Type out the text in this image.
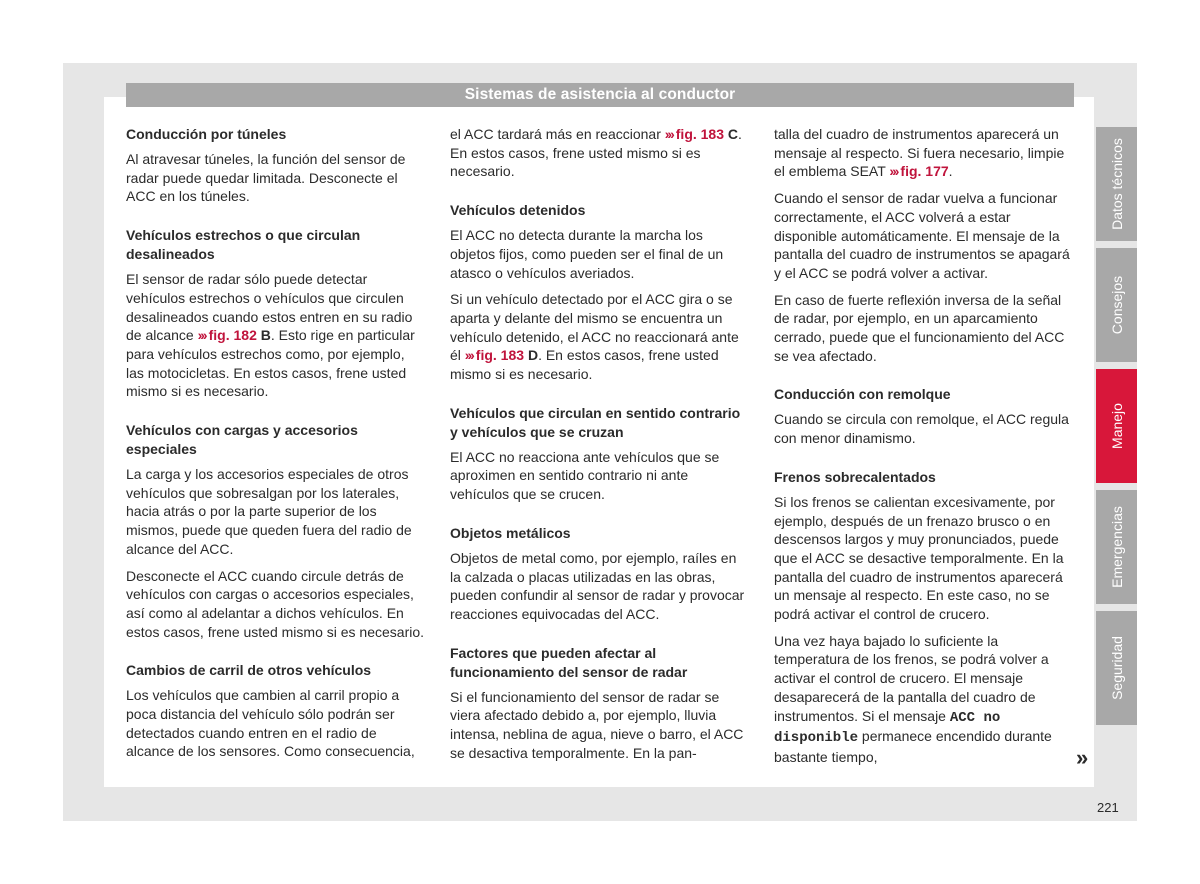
Sistemas de asistencia al conductor
Conducción por túneles

Al atravesar túneles, la función del sensor de radar puede quedar limitada. Desconecte el ACC en los túneles.

Vehículos estrechos o que circulan desalineados

El sensor de radar sólo puede detectar vehículos estrechos o vehículos que circulen desalineados cuando estos entren en su radio de alcance ››› fig. 182 B. Esto rige en particular para vehículos estrechos como, por ejemplo, las motocicletas. En estos casos, frene usted mismo si es necesario.

Vehículos con cargas y accesorios especiales

La carga y los accesorios especiales de otros vehículos que sobresalgan por los laterales, hacia atrás o por la parte superior de los mismos, puede que queden fuera del radio de alcance del ACC.

Desconecte el ACC cuando circule detrás de vehículos con cargas o accesorios especiales, así como al adelantar a dichos vehículos. En estos casos, frene usted mismo si es necesario.

Cambios de carril de otros vehículos

Los vehículos que cambien al carril propio a poca distancia del vehículo sólo podrán ser detectados cuando entren en el radio de alcance de los sensores. Como consecuencia,

el ACC tardará más en reaccionar ››› fig. 183 C. En estos casos, frene usted mismo si es necesario.

Vehículos detenidos

El ACC no detecta durante la marcha los objetos fijos, como pueden ser el final de un atasco o vehículos averiados.

Si un vehículo detectado por el ACC gira o se aparta y delante del mismo se encuentra un vehículo detenido, el ACC no reaccionará ante él ››› fig. 183 D. En estos casos, frene usted mismo si es necesario.

Vehículos que circulan en sentido contrario y vehículos que se cruzan

El ACC no reacciona ante vehículos que se aproximen en sentido contrario ni ante vehículos que se crucen.

Objetos metálicos

Objetos de metal como, por ejemplo, raíles en la calzada o placas utilizadas en las obras, pueden confundir al sensor de radar y provocar reacciones equivocadas del ACC.

Factores que pueden afectar al funcionamiento del sensor de radar

Si el funcionamiento del sensor de radar se viera afectado debido a, por ejemplo, lluvia intensa, neblina de agua, nieve o barro, el ACC se desactiva temporalmente. En la pan-

talla del cuadro de instrumentos aparecerá un mensaje al respecto. Si fuera necesario, limpie el emblema SEAT ››› fig. 177.

Cuando el sensor de radar vuelva a funcionar correctamente, el ACC volverá a estar disponible automáticamente. El mensaje de la pantalla del cuadro de instrumentos se apagará y el ACC se podrá volver a activar.

En caso de fuerte reflexión inversa de la señal de radar, por ejemplo, en un aparcamiento cerrado, puede que el funcionamiento del ACC se vea afectado.

Conducción con remolque

Cuando se circula con remolque, el ACC regula con menor dinamismo.

Frenos sobrecalentados

Si los frenos se calientan excesivamente, por ejemplo, después de un frenazo brusco o en descensos largos y muy pronunciados, puede que el ACC se desactive temporalmente. En la pantalla del cuadro de instrumentos aparecerá un mensaje al respecto. En este caso, no se podrá activar el control de crucero.

Una vez haya bajado lo suficiente la temperatura de los frenos, se podrá volver a activar el control de crucero. El mensaje desaparecerá de la pantalla del cuadro de instrumentos. Si el mensaje ACC no disponible permanece encendido durante bastante tiempo,

Datos técnicos
Consejos
Manejo
Emergencias
Seguridad
»
221
